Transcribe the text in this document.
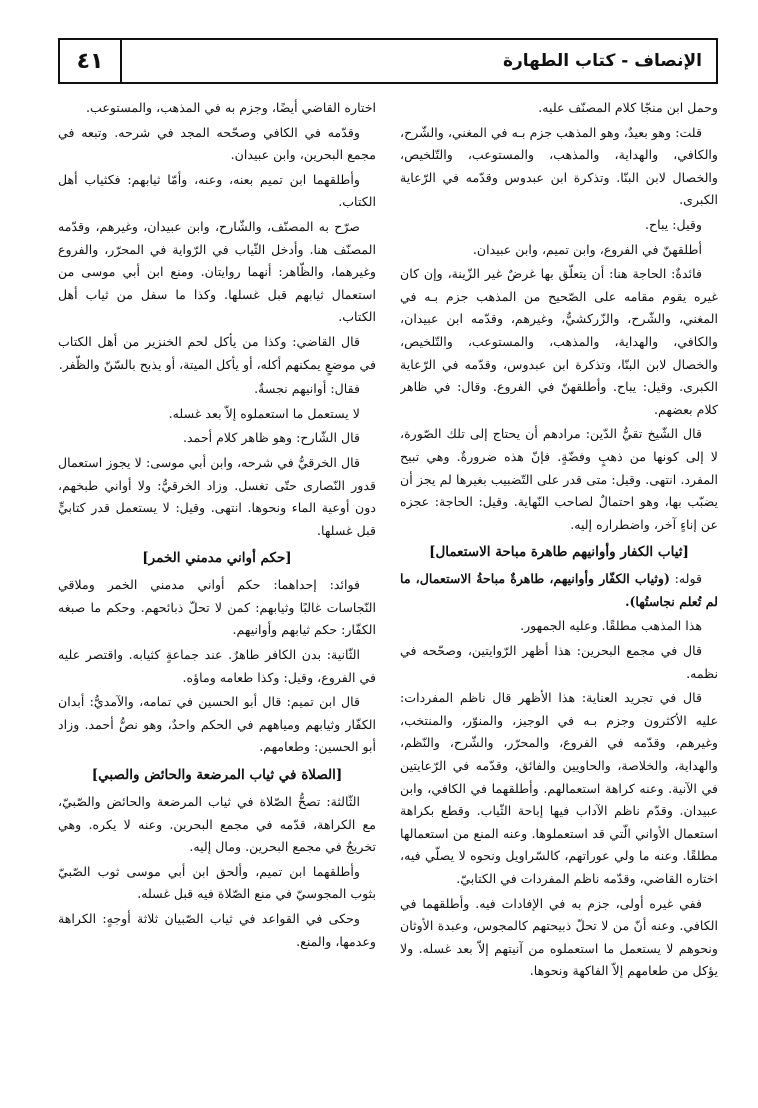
٤١	الإنصاف - كتاب الطهارة

وحمل ابن منجّا كلام المصنّف عليه.

قلت: وهو بعيدٌ، وهو المذهب جزم بـه في المغني، والشّرح، والكافي، والهداية، والمذهب، والمستوعب، والتّلخيص، والخصال لابن البنّا. وتذكرة ابن عبدوس وقدّمه في الرّعاية الكبرى.

وقيل: يباح.

أطلقهنّ في الفروع، وابن تميم، وابن عبيدان.

فائدةٌ: الحاجة هنا: أن يتعلّق بها غرضٌ غير الزّينة، وإن كان غيره يقوم مقامه على الصّحيح من المذهب جزم بـه في المغني، والشّرح، والزّركشيُّ، وغيرهم، وقدّمه ابن عبيدان، والكافي، والهداية، والمذهب، والمستوعب، والتّلخيص، والخصال لابن البنّا، وتذكرة ابن عبدوس، وقدّمه في الرّعاية الكبرى. وقيل: يباح. وأطلقهنّ في الفروع. وقال: في ظاهر كلام بعضهم.

قال الشّيخ تقيُّ الدّين: مرادهم أن يحتاج إلى تلك الصّورة، لا إلى كونها من ذهبٍ وفضّةٍ. فإنّ هذه ضرورةٌ. وهي تبيح المفرد. انتهى. وقيل: متى قدر على التّضبيب بغيرها لم يجز أن يضبّب بها، وهو احتمالٌ لصاحب النّهاية. وقيل: الحاجة: عجزه عن إناءٍ آخر، واضطراره إليه.

[ثياب الكفار وأوانيهم طاهرة مباحة الاستعمال]

قوله: (وثياب الكفّار وأوانيهم، طاهرةٌ مباحةُ الاستعمال، ما لم تُعلم نجاستُها).

هذا المذهب مطلقًا. وعليه الجمهور.

قال في مجمع البحرين: هذا أظهر الرّوايتين، وصحّحه في نظمه.

قال في تجريد العناية: هذا الأظهر قال ناظم المفردات: عليه الأكثرون وجزم بـه في الوجيز، والمنوّر، والمنتخب، وغيرهم، وقدّمه في الفروع، والمحرّر، والشّرح، والنّظم، والهداية، والخلاصة، والحاويين والفائق، وقدّمه في الرّعايتين في الآنية. وعنه كراهة استعمالهم. وأطلقهما في الكافي، وابن عبيدان. وقدّم ناظم الآداب فيها إباحة الثّياب. وقطع بكراهة استعمال الأواني الّتي قد استعملوها. وعنه المنع من استعمالها مطلقًا. وعنه ما ولي عوراتهم، كالسّراويل ونحوه لا يصلّي فيه، اختاره القاضي، وقدّمه ناظم المفردات في الكتابيّ.

ففي غيره أولى، جزم به في الإفادات فيه. وأطلقهما في الكافي. وعنه أنّ من لا تحلّ ذبيحتهم كالمجوس، وعبدة الأوثان ونحوهم لا يستعمل ما استعملوه من آنيتهم إلاّ بعد غسله. ولا يؤكل من طعامهم إلاّ الفاكهة ونحوها.

اختاره القاضي أيضًا، وجزم به في المذهب، والمستوعب.

وقدّمه في الكافي وصحّحه المجد في شرحه. وتبعه في مجمع البحرين، وابن عبيدان.

وأطلقهما ابن تميم بعنه، وعنه، وأمّا ثيابهم: فكثياب أهل الكتاب.

صرّح به المصنّف، والشّارح، وابن عبيدان، وغيرهم، وقدّمه المصنّف هنا. وأدخل الثّياب في الرّواية في المحرّر، والفروع وغيرهما، والظّاهر: أنهما روايتان. ومنع ابن أبي موسى من استعمال ثيابهم قبل غسلها. وكذا ما سفل من ثياب أهل الكتاب.

قال القاضي: وكذا من يأكل لحم الخنزير من أهل الكتاب في موضعٍ يمكنهم أكله، أو يأكل الميتة، أو يذبح بالسّنّ والظّفر.

فقال: أوانيهم نجسةٌ.

لا يستعمل ما استعملوه إلاّ بعد غسله.

قال الشّارح: وهو ظاهر كلام أحمد.

قال الخرقيُّ في شرحه، وابن أبي موسى: لا يجوز استعمال قدور النّصارى حتّى تغسل. وزاد الخرقيُّ: ولا أواني طبخهم، دون أوعية الماء ونحوها. انتهى. وقيل: لا يستعمل قدر كتابيٍّ قبل غسلها.

[حكم أواني مدمني الخمر]

فوائد: إحداهما: حكم أواني مدمني الخمر وملاقي النّجاسات غالبًا وثيابهم: كمن لا تحلّ ذبائحهم. وحكم ما صبغه الكفّار: حكم ثيابهم وأوانيهم.

الثّانية: بدن الكافر طاهرٌ. عند جماعةٍ كثيابه. واقتصر عليه في الفروع، وقيل: وكذا طعامه وماؤه.

قال ابن تميم: قال أبو الحسين في تمامه، والآمديُّ: أبدان الكفّار وثيابهم ومياههم في الحكم واحدٌ، وهو نصُّ أحمد. وزاد أبو الحسين: وطعامهم.

[الصلاة في ثياب المرضعة والحائض والصبي]

الثّالثة: تصحُّ الصّلاة في ثياب المرضعة والحائض والصّبيّ، مع الكراهة، قدّمه في مجمع البحرين. وعنه لا يكره. وهي تخريجٌ في مجمع البحرين. ومال إليه.

وأطلقهما ابن تميم، وألحق ابن أبي موسى ثوب الصّبيّ بثوب المجوسيّ في منع الصّلاة فيه قبل غسله.

وحكى في القواعد في ثياب الصّبيان ثلاثة أوجهٍ: الكراهة وعدمها، والمنع.
